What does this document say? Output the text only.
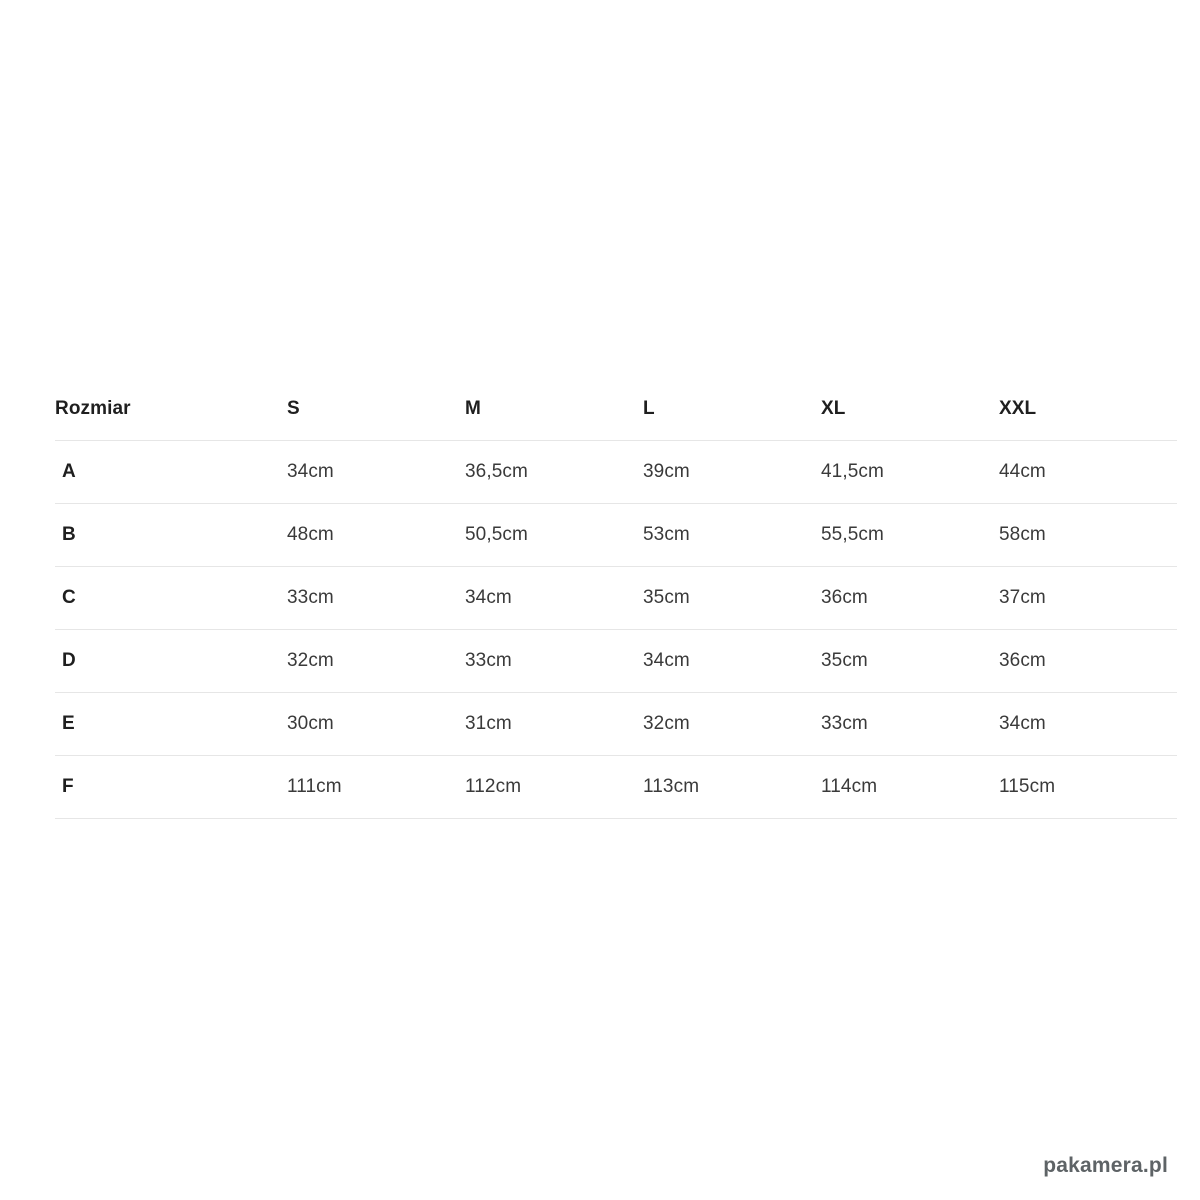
Rozmiar	S	M	L	XL	XXL
A	34cm	36,5cm	39cm	41,5cm	44cm
B	48cm	50,5cm	53cm	55,5cm	58cm
C	33cm	34cm	35cm	36cm	37cm
D	32cm	33cm	34cm	35cm	36cm
E	30cm	31cm	32cm	33cm	34cm
F	111cm	112cm	113cm	114cm	115cm
pakamera.pl
